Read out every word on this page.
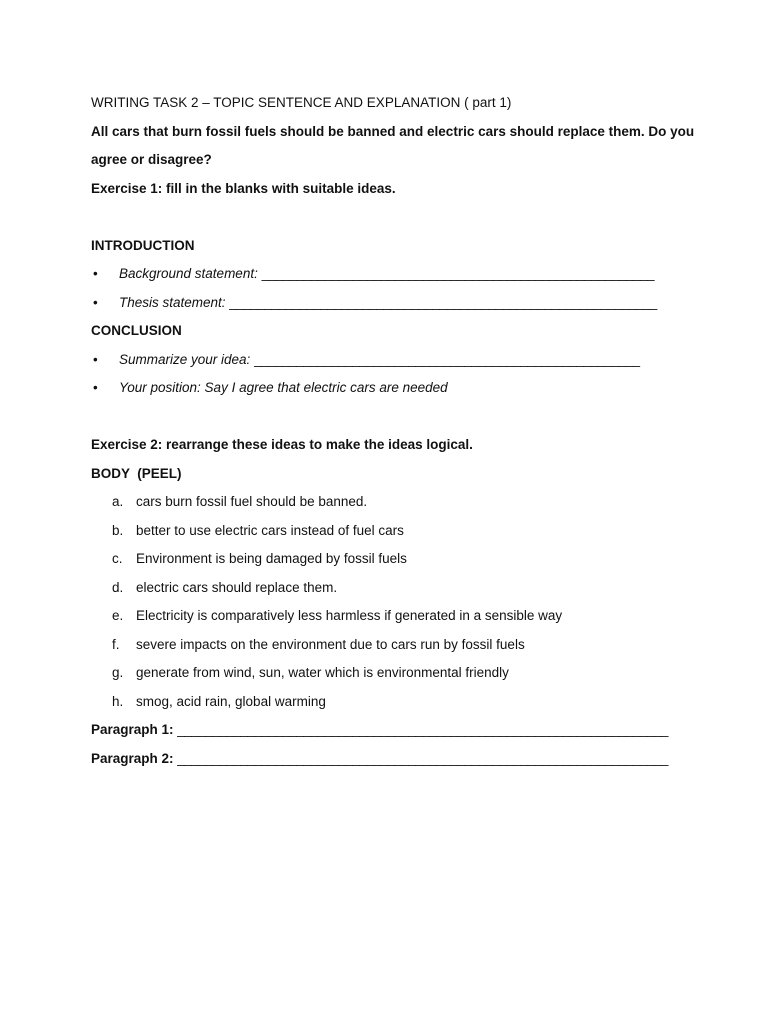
WRITING TASK 2 – TOPIC SENTENCE AND EXPLANATION ( part 1)
All cars that burn fossil fuels should be banned and electric cars should replace them. Do you
agree or disagree?
Exercise 1: fill in the blanks with suitable ideas.
INTRODUCTION
•	Background statement: ________________________________________________________
•	Thesis statement: _____________________________________________________________
CONCLUSION
•	Summarize your idea: _______________________________________________________
•	Your position: Say I agree that electric cars are needed
Exercise 2: rearrange these ideas to make the ideas logical.
BODY  (PEEL)
a. cars burn fossil fuel should be banned.
b. better to use electric cars instead of fuel cars
c. Environment is being damaged by fossil fuels
d. electric cars should replace them.
e. Electricity is comparatively less harmless if generated in a sensible way
f.	severe impacts on the environment due to cars run by fossil fuels
g. generate from wind, sun, water which is environmental friendly
h. smog, acid rain, global warming
Paragraph 1: ______________________________________________________________________
Paragraph 2: ______________________________________________________________________
